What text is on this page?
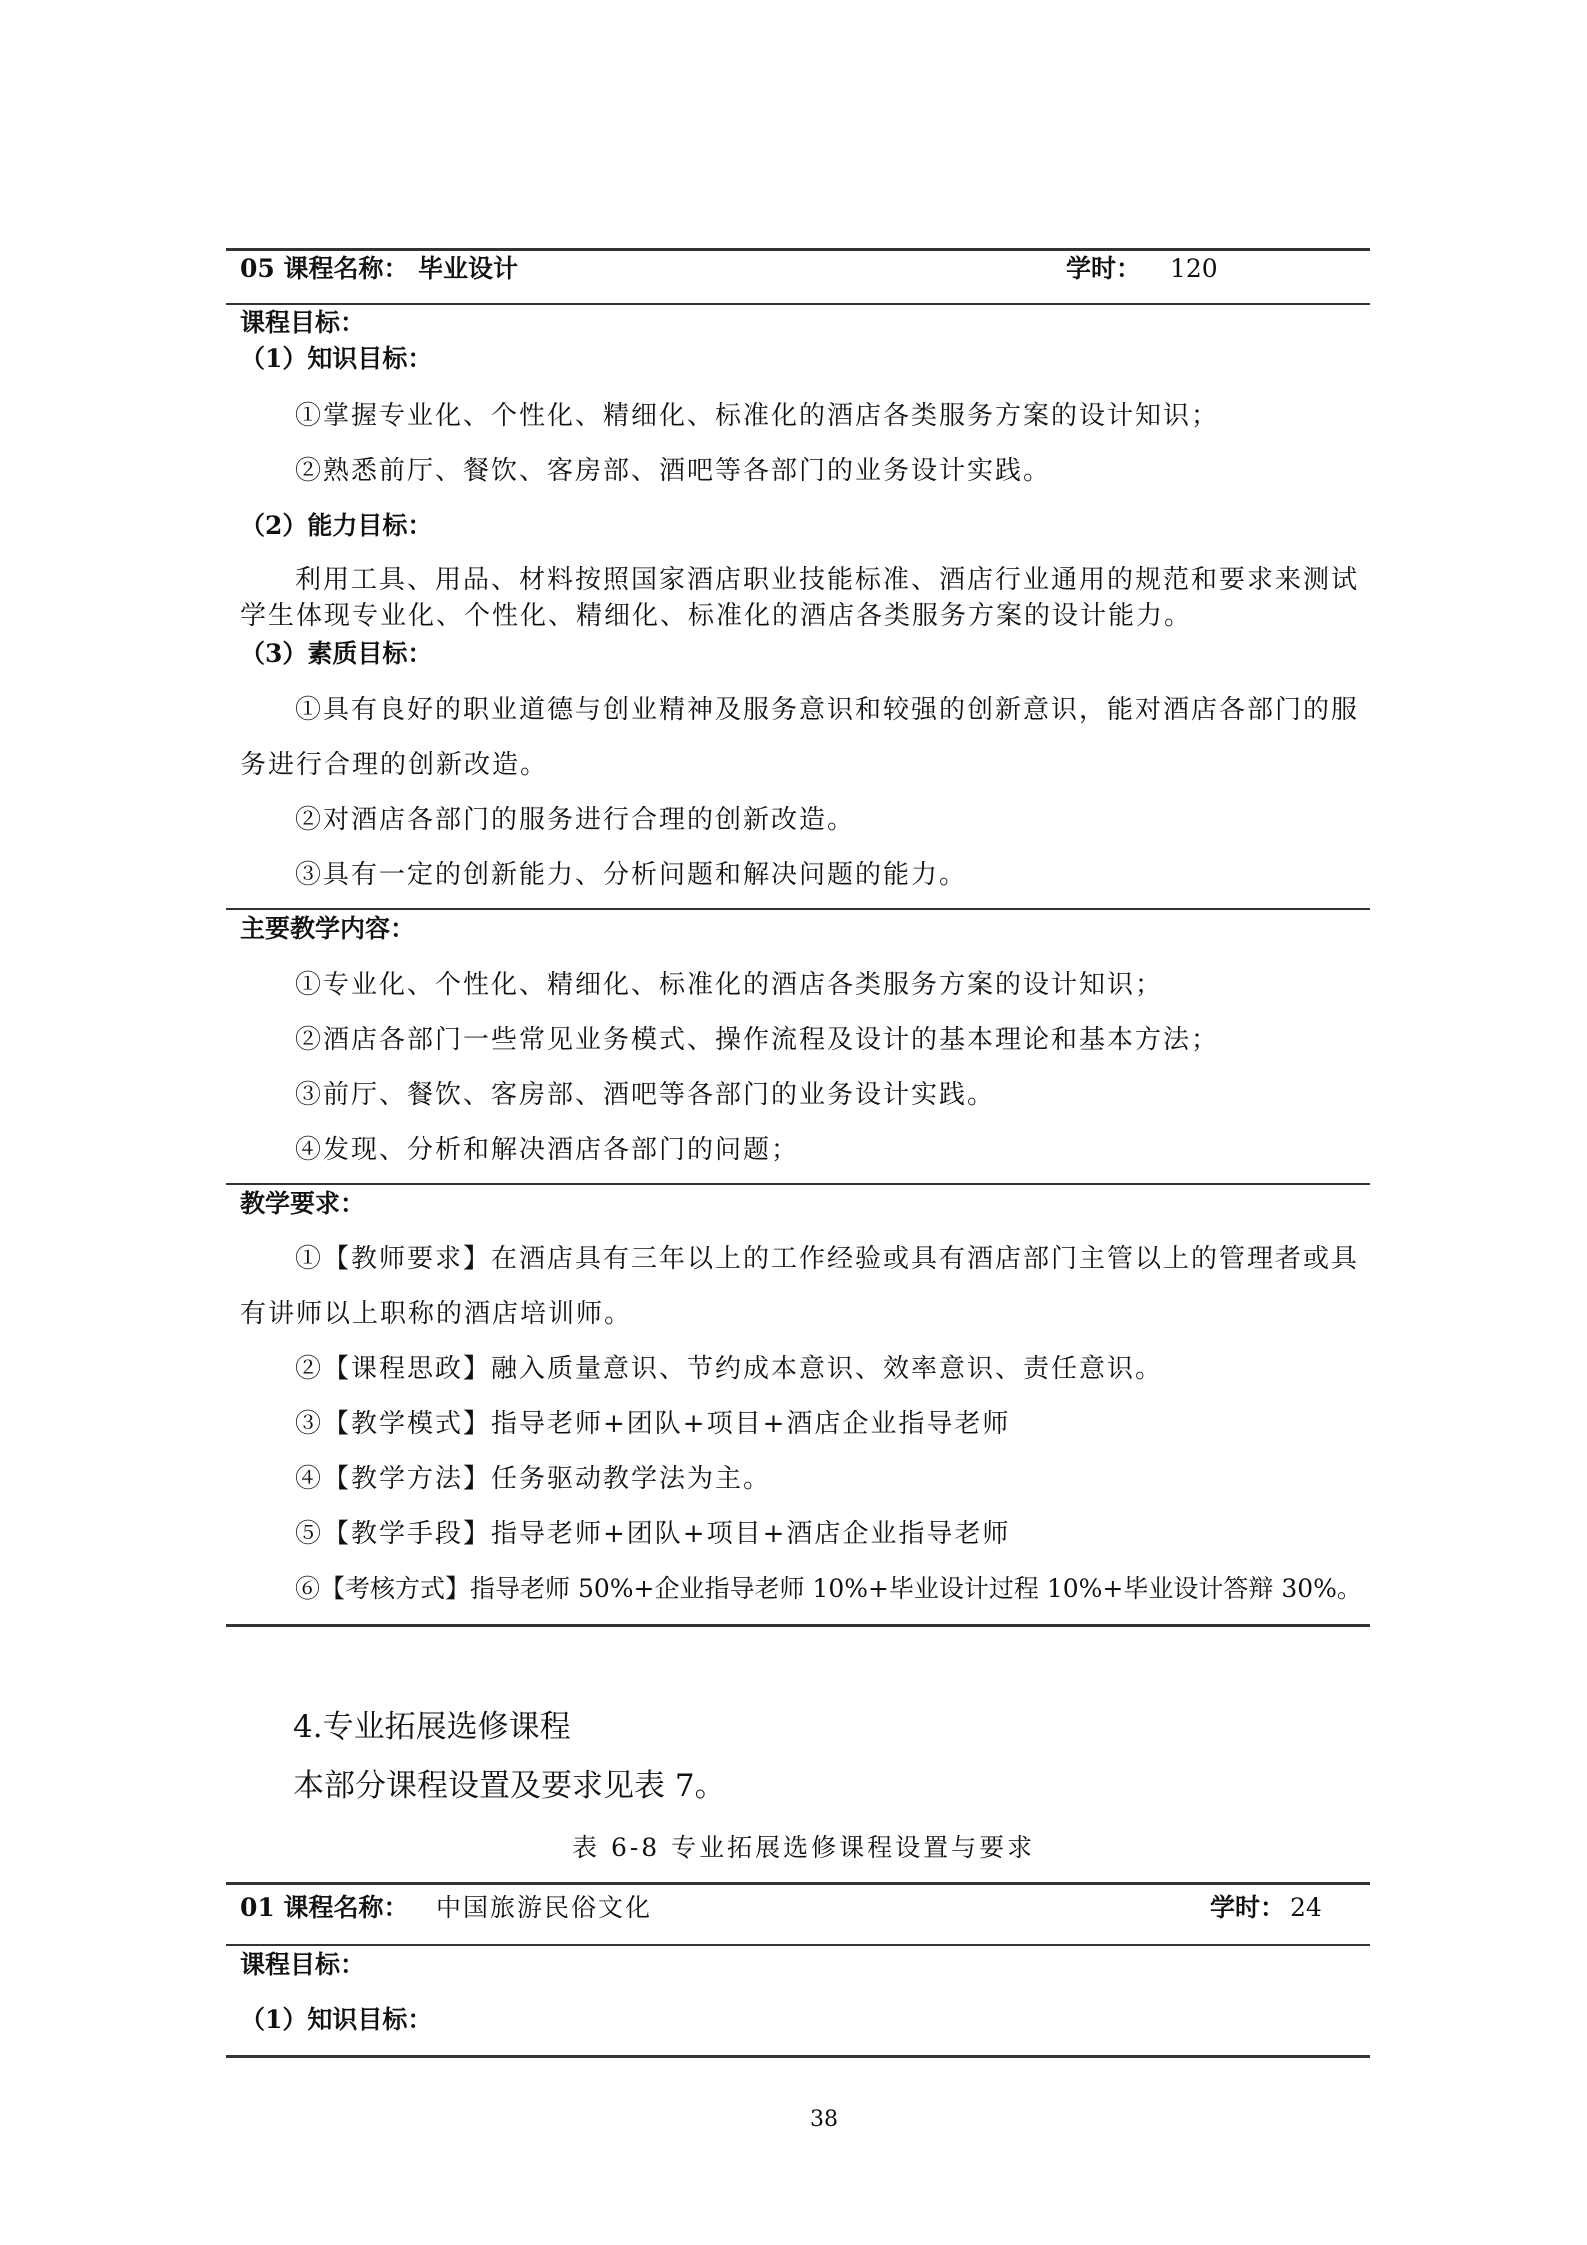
05 课程名称： 毕业设计	学时： 120
课程目标：
（1）知识目标：
①掌握专业化、个性化、精细化、标准化的酒店各类服务方案的设计知识；
②熟悉前厅、餐饮、客房部、酒吧等各部门的业务设计实践。
（2）能力目标：
利用工具、用品、材料按照国家酒店职业技能标准、酒店行业通用的规范和要求来测试学生体现专业化、个性化、精细化、标准化的酒店各类服务方案的设计能力。
（3）素质目标：
①具有良好的职业道德与创业精神及服务意识和较强的创新意识，能对酒店各部门的服
务进行合理的创新改造。
②对酒店各部门的服务进行合理的创新改造。
③具有一定的创新能力、分析问题和解决问题的能力。
主要教学内容：
①专业化、个性化、精细化、标准化的酒店各类服务方案的设计知识；
②酒店各部门一些常见业务模式、操作流程及设计的基本理论和基本方法；
③前厅、餐饮、客房部、酒吧等各部门的业务设计实践。
④发现、分析和解决酒店各部门的问题；
教学要求：
①【教师要求】在酒店具有三年以上的工作经验或具有酒店部门主管以上的管理者或具
有讲师以上职称的酒店培训师。
②【课程思政】融入质量意识、节约成本意识、效率意识、责任意识。
③【教学模式】指导老师+团队+项目+酒店企业指导老师
④【教学方法】任务驱动教学法为主。
⑤【教学手段】指导老师+团队+项目+酒店企业指导老师
⑥【考核方式】指导老师 50%+企业指导老师 10%+毕业设计过程 10%+毕业设计答辩 30%。
4.专业拓展选修课程
本部分课程设置及要求见表 7。
表 6-8 专业拓展选修课程设置与要求
01 课程名称： 中国旅游民俗文化	学时： 24
课程目标：
（1）知识目标：
38
